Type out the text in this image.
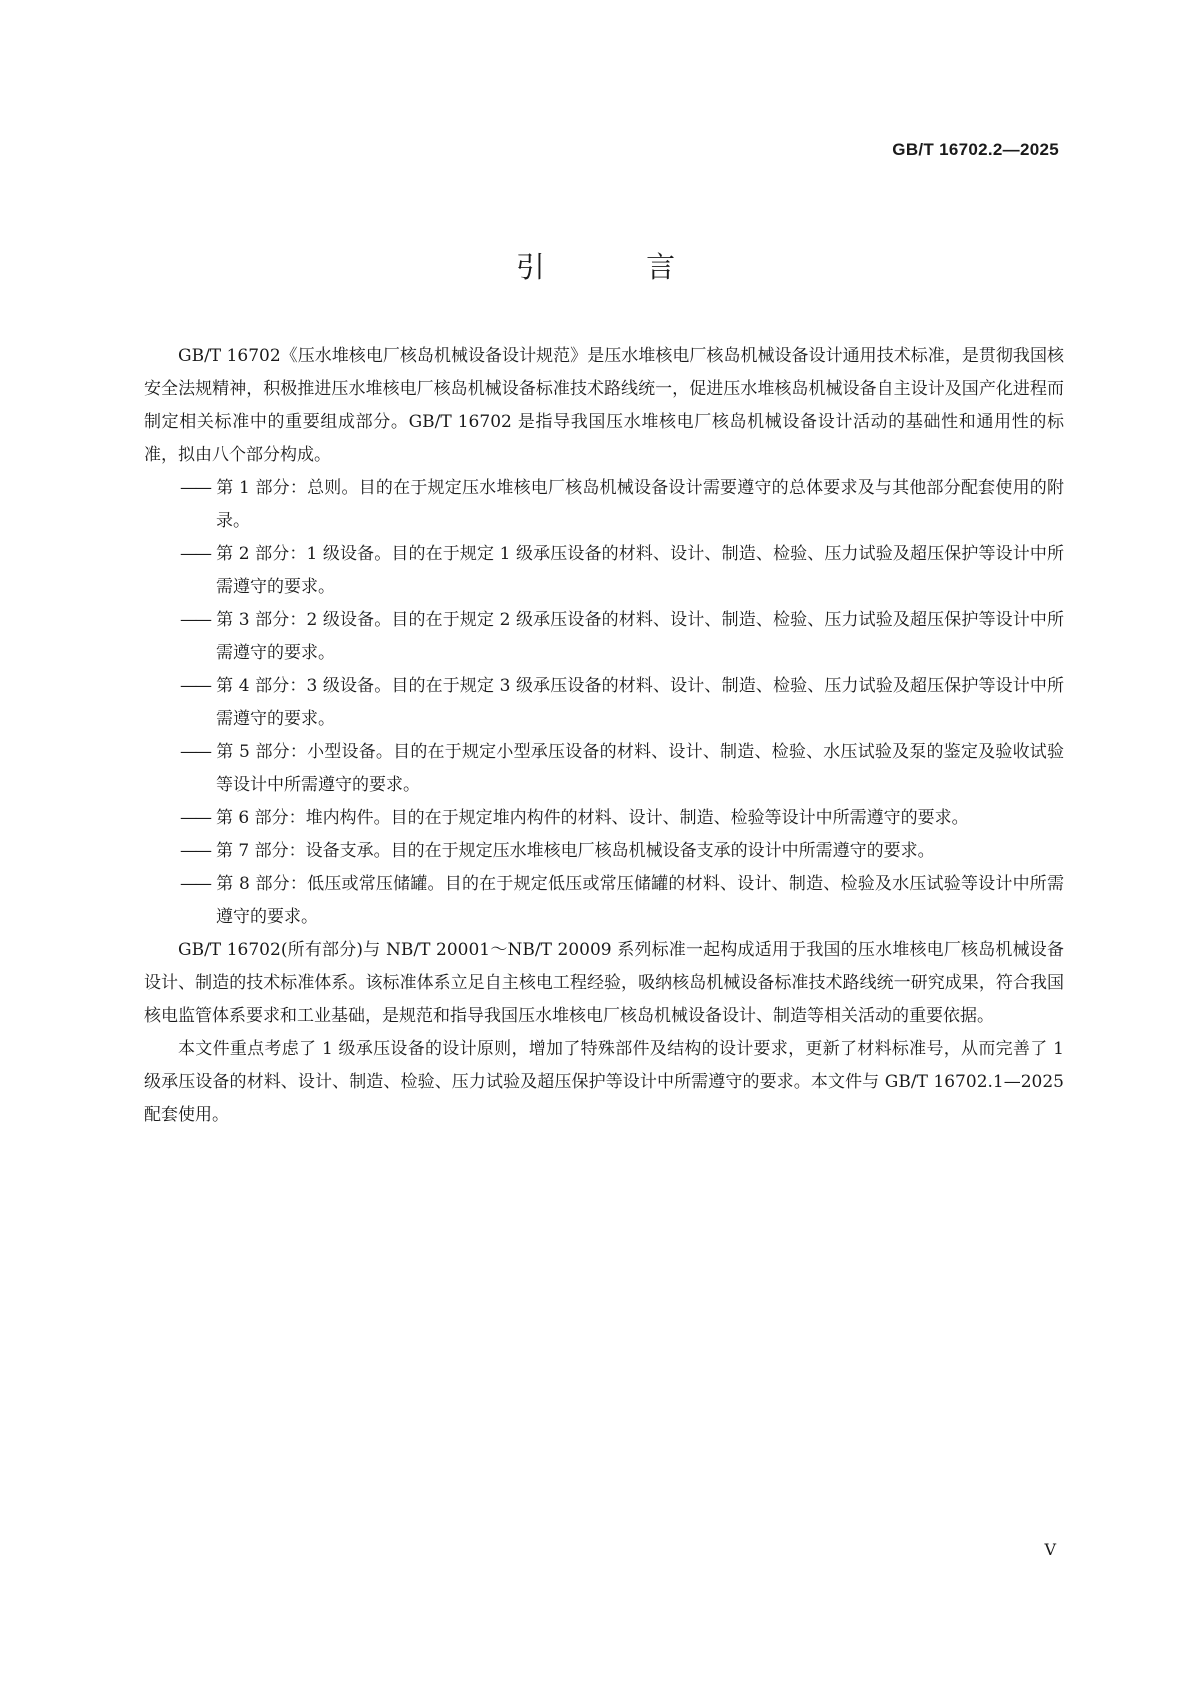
GB/T 16702.2—2025
引 言

GB/T 16702《压水堆核电厂核岛机械设备设计规范》是压水堆核电厂核岛机械设备设计通用技术标准，是贯彻我国核安全法规精神，积极推进压水堆核电厂核岛机械设备标准技术路线统一，促进压水堆核岛机械设备自主设计及国产化进程而制定相关标准中的重要组成部分。GB/T 16702 是指导我国压水堆核电厂核岛机械设备设计活动的基础性和通用性的标准，拟由八个部分构成。

—— 第 1 部分：总则。目的在于规定压水堆核电厂核岛机械设备设计需要遵守的总体要求及与其他部分配套使用的附录。
—— 第 2 部分：1 级设备。目的在于规定 1 级承压设备的材料、设计、制造、检验、压力试验及超压保护等设计中所需遵守的要求。
—— 第 3 部分：2 级设备。目的在于规定 2 级承压设备的材料、设计、制造、检验、压力试验及超压保护等设计中所需遵守的要求。
—— 第 4 部分：3 级设备。目的在于规定 3 级承压设备的材料、设计、制造、检验、压力试验及超压保护等设计中所需遵守的要求。
—— 第 5 部分：小型设备。目的在于规定小型承压设备的材料、设计、制造、检验、水压试验及泵的鉴定及验收试验等设计中所需遵守的要求。
—— 第 6 部分：堆内构件。目的在于规定堆内构件的材料、设计、制造、检验等设计中所需遵守的要求。
—— 第 7 部分：设备支承。目的在于规定压水堆核电厂核岛机械设备支承的设计中所需遵守的要求。
—— 第 8 部分：低压或常压储罐。目的在于规定低压或常压储罐的材料、设计、制造、检验及水压试验等设计中所需遵守的要求。

GB/T 16702(所有部分)与 NB/T 20001～NB/T 20009 系列标准一起构成适用于我国的压水堆核电厂核岛机械设备设计、制造的技术标准体系。该标准体系立足自主核电工程经验，吸纳核岛机械设备标准技术路线统一研究成果，符合我国核电监管体系要求和工业基础，是规范和指导我国压水堆核电厂核岛机械设备设计、制造等相关活动的重要依据。

本文件重点考虑了 1 级承压设备的设计原则，增加了特殊部件及结构的设计要求，更新了材料标准号，从而完善了 1 级承压设备的材料、设计、制造、检验、压力试验及超压保护等设计中所需遵守的要求。本文件与 GB/T 16702.1—2025 配套使用。

V
